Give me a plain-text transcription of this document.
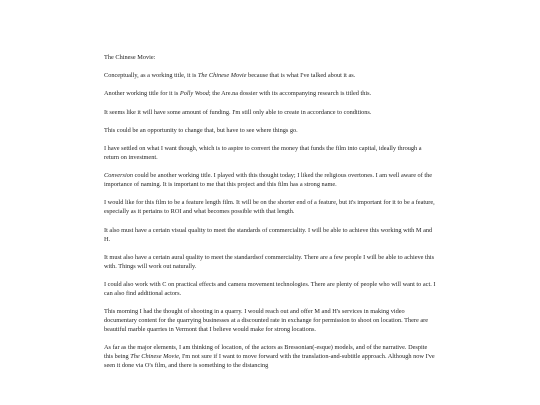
The Chinese Movie:

Conceptually, as a working title, it is The Chinese Movie because that is what I've talked about it as.

Another working title for it is Polly Wood; the Are.na dossier with its accompanying research is titled this.

It seems like it will have some amount of funding. I'm still only able to create in accordance to conditions.

This could be an opportunity to change that, but have to see where things go.

I have settled on what I want though, which is to aspire to convert the money that funds the film into capital, ideally through a return on investment.

Conversion could be another working title. I played with this thought today; I liked the religious overtones. I am well aware of the importance of naming. It is important to me that this project and this film has a strong name.

I would like for this film to be a feature length film. It will be on the shorter end of a feature, but it's important for it to be a feature, especially as it pertains to ROI and what becomes possible with that length.

It also must have a certain visual quality to meet the standards of commerciality. I will be able to achieve this working with M and H.

It must also have a certain aural quality to meet the standardsof commerciality. There are a few people I will be able to achieve this with. Things will work out naturally.

I could also work with C on practical effects and camera movement technologies. There are plenty of people who will want to act. I can also find additional actors.

This morning I had the thought of shooting in a quarry. I would reach out and offer M and H's services in making video documentary content for the quarrying businesses at a discounted rate in exchange for permission to shoot on location. There are beautiful marble quarries in Vermont that I believe would make for strong locations.

As far as the major elements, I am thinking of location, of the actors as Bressonian(-esque) models, and of the narrative. Despite this being The Chinese Movie, I'm not sure if I want to move forward with the translation-and-subtitle approach. Although now I've seen it done via O's film, and there is something to the distancing
